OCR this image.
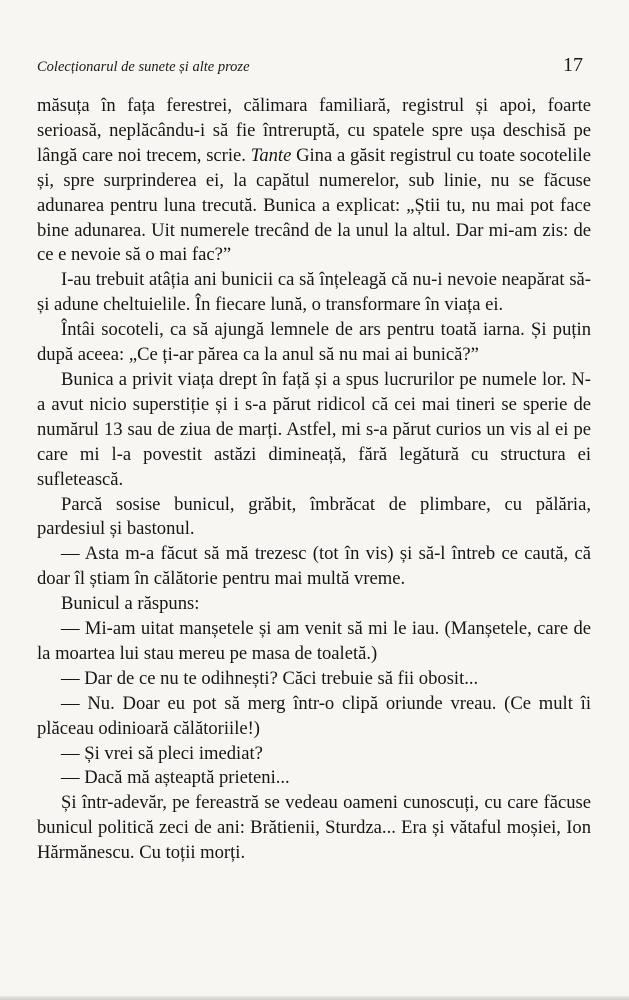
Colecționarul de sunete și alte proze	17

măsuța în fața ferestrei, călimara familiară, registrul și apoi, foarte serioasă, neplăcându-i să fie întreruptă, cu spatele spre ușa deschisă pe lângă care noi trecem, scrie. Tante Gina a găsit registrul cu toate socotelile și, spre surprinderea ei, la capătul numerelor, sub linie, nu se făcuse adunarea pentru luna trecută. Bunica a explicat: „Știi tu, nu mai pot face bine adunarea. Uit numerele trecând de la unul la altul. Dar mi-am zis: de ce e nevoie să o mai fac?”

I-au trebuit atâția ani bunicii ca să înțeleagă că nu-i nevoie neapărat să-și adune cheltuielile. În fiecare lună, o transformare în viața ei.

Întâi socoteli, ca să ajungă lemnele de ars pentru toată iarna. Și puțin după aceea: „Ce ți-ar părea ca la anul să nu mai ai bunică?”

Bunica a privit viața drept în față și a spus lucrurilor pe numele lor. N-a avut nicio superstiție și i s-a părut ridicol că cei mai tineri se sperie de numărul 13 sau de ziua de marți. Astfel, mi s-a părut curios un vis al ei pe care mi l-a povestit astăzi dimineață, fără legătură cu structura ei sufletească.

Parcă sosise bunicul, grăbit, îmbrăcat de plimbare, cu pălăria, pardesiul și bastonul.

— Asta m-a făcut să mă trezesc (tot în vis) și să-l întreb ce caută, că doar îl știam în călătorie pentru mai multă vreme.

Bunicul a răspuns:

— Mi-am uitat manșetele și am venit să mi le iau. (Manșetele, care de la moartea lui stau mereu pe masa de toaletă.)

— Dar de ce nu te odihnești? Căci trebuie să fii obosit...

— Nu. Doar eu pot să merg într-o clipă oriunde vreau. (Ce mult îi plăceau odinioară călătoriile!)

— Și vrei să pleci imediat?

— Dacă mă așteaptă prieteni...

Și într-adevăr, pe fereastră se vedeau oameni cunoscuți, cu care făcuse bunicul politică zeci de ani: Brătienii, Sturdza... Era și vătaful moșiei, Ion Hărmănescu. Cu toții morți.
